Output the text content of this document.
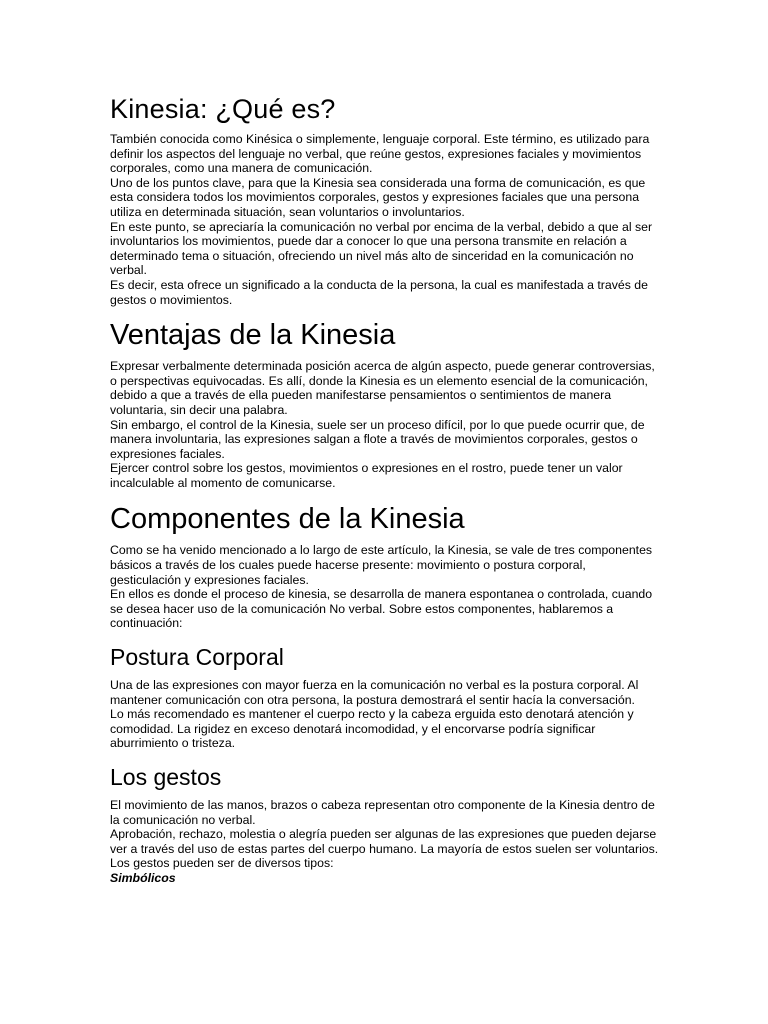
Kinesia: ¿Qué es?

También conocida como Kinésica o simplemente, lenguaje corporal. Este término, es utilizado para definir los aspectos del lenguaje no verbal, que reúne gestos, expresiones faciales y movimientos corporales, como una manera de comunicación.

Uno de los puntos clave, para que la Kinesia sea considerada una forma de comunicación, es que esta considera todos los movimientos corporales, gestos y expresiones faciales que una persona utiliza en determinada situación, sean voluntarios o involuntarios.

En este punto, se apreciaría la comunicación no verbal por encima de la verbal, debido a que al ser involuntarios los movimientos, puede dar a conocer lo que una persona transmite en relación a determinado tema o situación, ofreciendo un nivel más alto de sinceridad en la comunicación no verbal.

Es decir, esta ofrece un significado a la conducta de la persona, la cual es manifestada a través de gestos o movimientos.

Ventajas de la Kinesia

Expresar verbalmente determinada posición acerca de algún aspecto, puede generar controversias, o perspectivas equivocadas. Es allí, donde la Kinesia es un elemento esencial de la comunicación, debido a que a través de ella pueden manifestarse pensamientos o sentimientos de manera voluntaria, sin decir una palabra.

Sin embargo, el control de la Kinesia, suele ser un proceso difícil, por lo que puede ocurrir que, de manera involuntaria, las expresiones salgan a flote a través de movimientos corporales, gestos o expresiones faciales.

Ejercer control sobre los gestos, movimientos o expresiones en el rostro, puede tener un valor incalculable al momento de comunicarse.

Componentes de la Kinesia

Como se ha venido mencionado a lo largo de este artículo, la Kinesia, se vale de tres componentes básicos a través de los cuales puede hacerse presente: movimiento o postura corporal, gesticulación y expresiones faciales.

En ellos es donde el proceso de kinesia, se desarrolla de manera espontanea o controlada, cuando se desea hacer uso de la comunicación No verbal. Sobre estos componentes, hablaremos a continuación:

Postura Corporal

Una de las expresiones con mayor fuerza en la comunicación no verbal es la postura corporal. Al mantener comunicación con otra persona, la postura demostrará el sentir hacía la conversación.

Lo más recomendado es mantener el cuerpo recto y la cabeza erguida esto denotará atención y comodidad. La rigidez en exceso denotará incomodidad, y el encorvarse podría significar aburrimiento o tristeza.

Los gestos

El movimiento de las manos, brazos o cabeza representan otro componente de la Kinesia dentro de la comunicación no verbal.

Aprobación, rechazo, molestia o alegría pueden ser algunas de las expresiones que pueden dejarse ver a través del uso de estas partes del cuerpo humano. La mayoría de estos suelen ser voluntarios.

Los gestos pueden ser de diversos tipos:

Simbólicos
